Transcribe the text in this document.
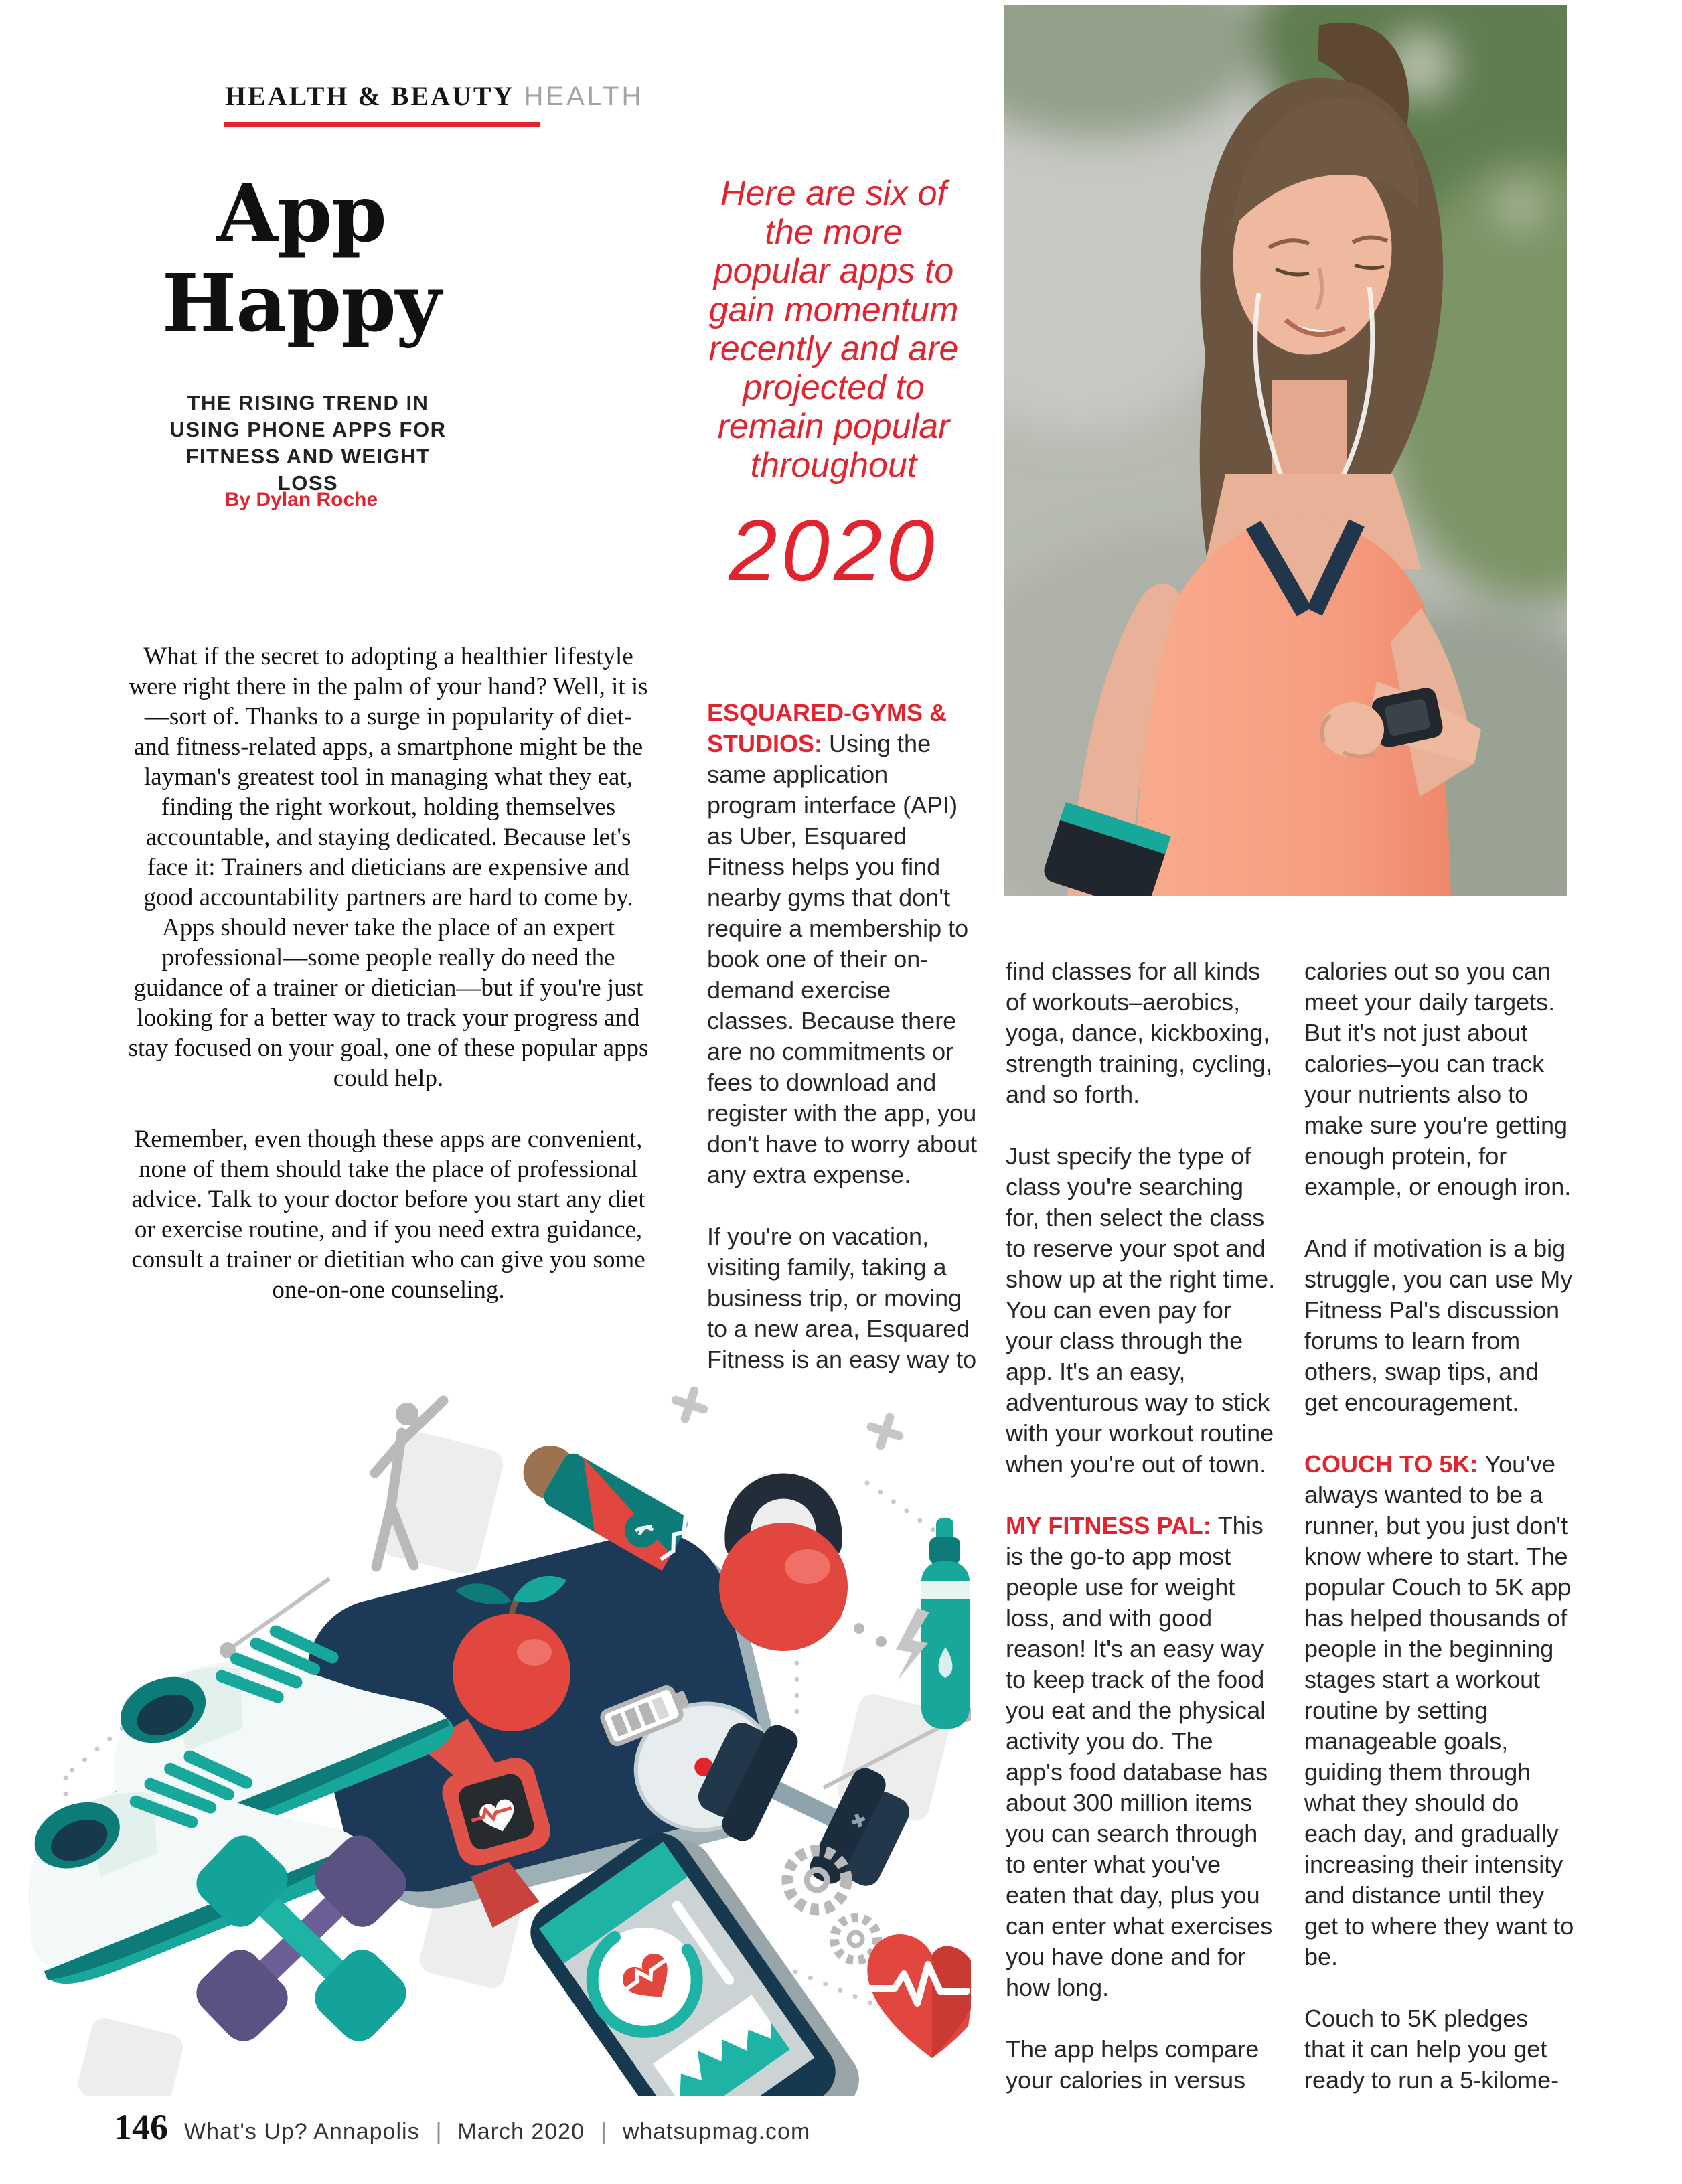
HEALTH & BEAUTY HEALTH
App
Happy
THE RISING TREND IN USING PHONE APPS FOR FITNESS AND WEIGHT LOSS
By Dylan Roche

What if the secret to adopting a healthier lifestyle were right there in the palm of your hand? Well, it is—sort of. Thanks to a surge in popularity of diet- and fitness-related apps, a smartphone might be the layman's greatest tool in managing what they eat, finding the right workout, holding themselves accountable, and staying dedicated. Because let's face it: Trainers and dieticians are expensive and good accountability partners are hard to come by. Apps should never take the place of an expert professional—some people really do need the guidance of a trainer or dietician—but if you're just looking for a better way to track your progress and stay focused on your goal, one of these popular apps could help.

Remember, even though these apps are convenient, none of them should take the place of professional advice. Talk to your doctor before you start any diet or exercise routine, and if you need extra guidance, consult a trainer or dietitian who can give you some one-on-one counseling.

Here are six of the more popular apps to gain momentum recently and are projected to remain popular throughout
2020

ESQUARED-GYMS & STUDIOS: Using the same application program interface (API) as Uber, Esquared Fitness helps you find nearby gyms that don't require a membership to book one of their on-demand exercise classes. Because there are no commitments or fees to download and register with the app, you don't have to worry about any extra expense.

If you're on vacation, visiting family, taking a business trip, or moving to a new area, Esquared Fitness is an easy way to

find classes for all kinds of workouts–aerobics, yoga, dance, kickboxing, strength training, cycling, and so forth.

Just specify the type of class you're searching for, then select the class to reserve your spot and show up at the right time. You can even pay for your class through the app. It's an easy, adventurous way to stick with your workout routine when you're out of town.

MY FITNESS PAL: This is the go-to app most people use for weight loss, and with good reason! It's an easy way to keep track of the food you eat and the physical activity you do. The app's food database has about 300 million items you can search through to enter what you've eaten that day, plus you can enter what exercises you have done and for how long.

The app helps compare your calories in versus

calories out so you can meet your daily targets. But it's not just about calories–you can track your nutrients also to make sure you're getting enough protein, for example, or enough iron.

And if motivation is a big struggle, you can use My Fitness Pal's discussion forums to learn from others, swap tips, and get encouragement.

COUCH TO 5K: You've always wanted to be a runner, but you just don't know where to start. The popular Couch to 5K app has helped thousands of people in the beginning stages start a workout routine by setting manageable goals, guiding them through what they should do each day, and gradually increasing their intensity and distance until they get to where they want to be.

Couch to 5K pledges that it can help you get ready to run a 5-kilome-

146 What's Up? Annapolis | March 2020 | whatsupmag.com
